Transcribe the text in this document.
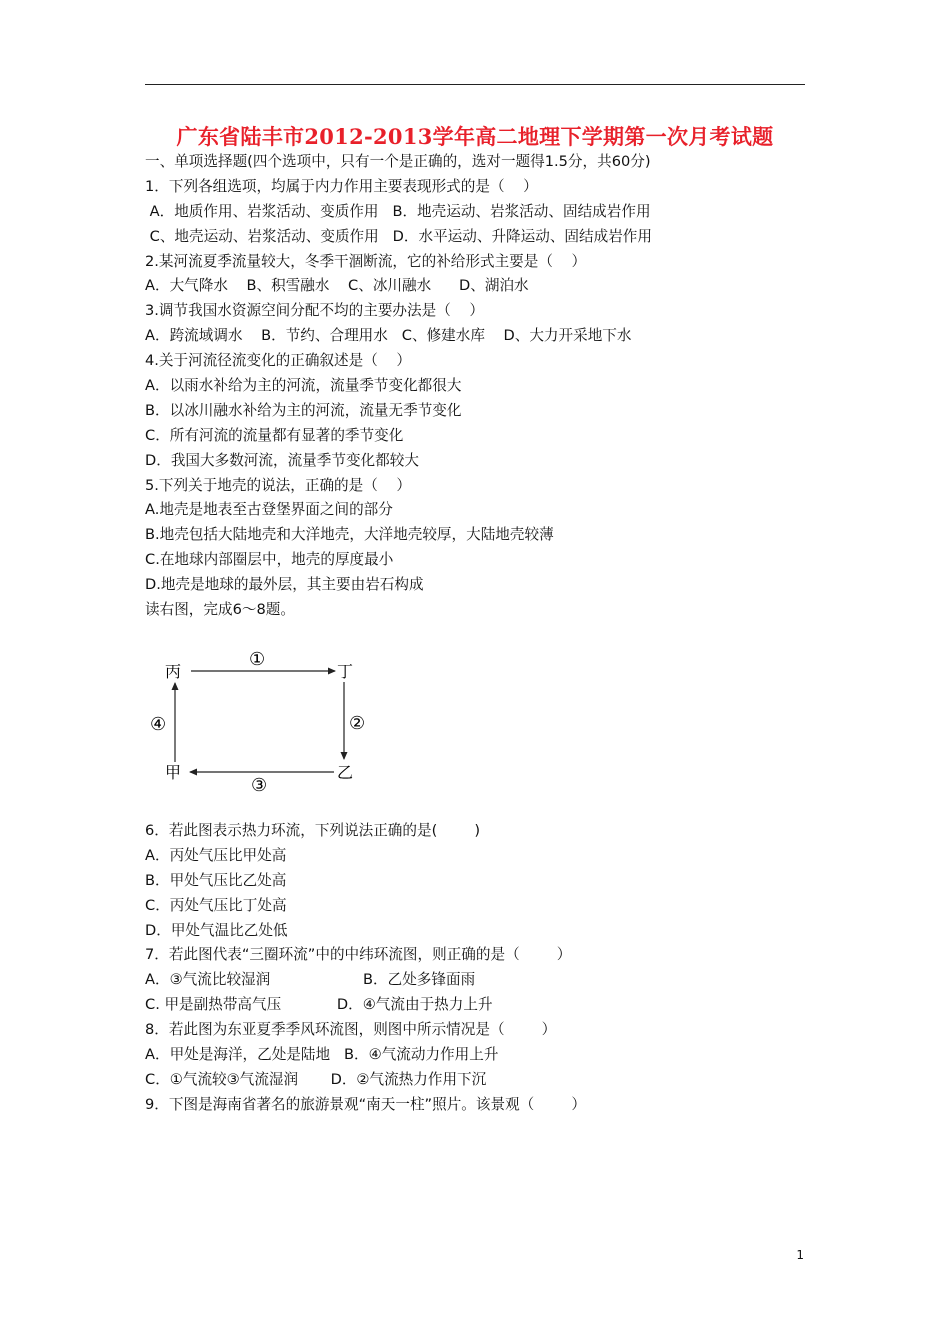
广东省陆丰市2012-2013学年高二地理下学期第一次月考试题
一、单项选择题(四个选项中，只有一个是正确的，选对一题得1.5分，共60分)
1．下列各组选项，均属于内力作用主要表现形式的是（    ）
A．地质作用、岩浆活动、变质作用   B．地壳运动、岩浆活动、固结成岩作用
C、地壳运动、岩浆活动、变质作用   D．水平运动、升降运动、固结成岩作用
2.某河流夏季流量较大，冬季干涸断流，它的补给形式主要是（    ）
A．大气降水    B、积雪融水    C、冰川融水      D、湖泊水
3.调节我国水资源空间分配不均的主要办法是（    ）
A．跨流域调水    B．节约、合理用水   C、修建水库    D、大力开采地下水
4.关于河流径流变化的正确叙述是（    ）
A．以雨水补给为主的河流，流量季节变化都很大
B．以冰川融水补给为主的河流，流量无季节变化
C．所有河流的流量都有显著的季节变化
D．我国大多数河流，流量季节变化都较大
5.下列关于地壳的说法，正确的是（    ）
A.地壳是地表至古登堡界面之间的部分
B.地壳包括大陆地壳和大洋地壳，大洋地壳较厚，大陆地壳较薄
C.在地球内部圈层中，地壳的厚度最小
D.地壳是地球的最外层，其主要由岩石构成
读右图，完成6～8题。
丙	丁
甲	乙
①
②
③
④
6．若此图表示热力环流，下列说法正确的是(        )
A．丙处气压比甲处高
B．甲处气压比乙处高
C．丙处气压比丁处高
D．甲处气温比乙处低
7．若此图代表“三圈环流”中的中纬环流图，则正确的是（        ）
A．③气流比较湿润                    B．乙处多锋面雨
C. 甲是副热带高气压            D．④气流由于热力上升
8．若此图为东亚夏季季风环流图，则图中所示情况是（        ）
A．甲处是海洋，乙处是陆地   B．④气流动力作用上升
C．①气流较③气流湿润       D．②气流热力作用下沉
9．下图是海南省著名的旅游景观“南天一柱”照片。该景观（        ）
1
